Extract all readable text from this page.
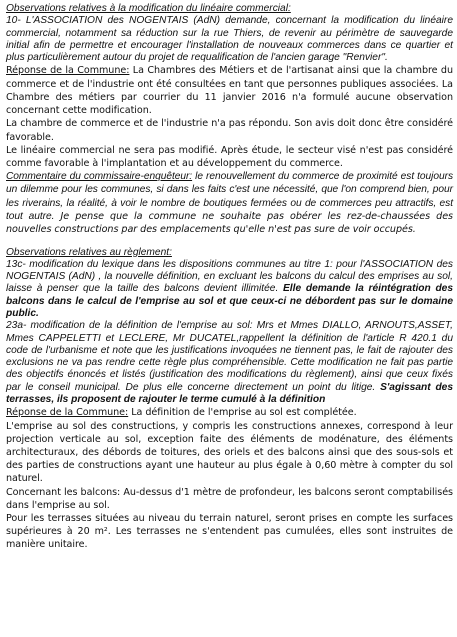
Observations relatives à la modification du linéaire commercial:

10- L'ASSOCIATION des NOGENTAIS (AdN) demande, concernant la modification du linéaire commercial, notamment sa réduction sur la rue Thiers, de revenir au périmètre de sauvegarde initial afin de permettre et encourager l'installation de nouveaux commerces dans ce quartier et plus particulièrement autour du projet de requalification de l'ancien garage "Renvier".

Réponse de la Commune: La Chambres des Métiers et de l'artisanat ainsi que la chambre du commerce et de l'industrie ont été consultées en tant que personnes publiques associées. La Chambre des métiers par courrier du 11 janvier 2016 n'a formulé aucune observation concernant cette modification.

La chambre de commerce et de l'industrie n'a pas répondu. Son avis doit donc être considéré favorable.

Le linéaire commercial ne sera pas modifié. Après étude, le secteur visé n'est pas considéré comme favorable à l'implantation et au développement du commerce.

Commentaire du commissaire-enquêteur: le renouvellement du commerce de proximité est toujours un dilemme pour les communes, si dans les faits c'est une nécessité, que l'on comprend bien, pour les riverains, la réalité, à voir le nombre de boutiques fermées ou de commerces peu attractifs, est tout autre. Je pense que la commune ne souhaite pas obérer les rez-de-chaussées des nouvelles constructions par des emplacements qu'elle n'est pas sure de voir occupés.

Observations relatives au règlement:

13c- modification du lexique dans les dispositions communes au titre 1: pour l'ASSOCIATION des NOGENTAIS (AdN) , la nouvelle définition, en excluant les balcons du calcul des emprises au sol, laisse à penser que la taille des balcons devient illimitée. Elle demande la réintégration des balcons dans le calcul de l'emprise au sol et que ceux-ci ne débordent pas sur le domaine public.

23a- modification de la définition de l'emprise au sol: Mrs et Mmes DIALLO, ARNOUTS,ASSET, Mmes CAPPELETTI et LECLERE, Mr DUCATEL,rappellent la définition de l'article R 420.1 du code de l'urbanisme et note que les justifications invoquées ne tiennent pas, le fait de rajouter des exclusions ne va pas rendre cette règle plus compréhensible. Cette modification ne fait pas partie des objectifs énoncés et listés (justification des modifications du règlement), ainsi que ceux fixés par le conseil municipal. De plus elle concerne directement un point du litige. S'agissant des terrasses, ils proposent de rajouter le terme cumulé à la définition

Réponse de la Commune: La définition de l'emprise au sol est complétée.

L'emprise au sol des constructions, y compris les constructions annexes, correspond à leur projection verticale au sol, exception faite des éléments de modénature, des éléments architecturaux, des débords de toitures, des oriels et des balcons ainsi que des sous-sols et des parties de constructions ayant une hauteur au plus égale à 0,60 mètre à compter du sol naturel.

Concernant les balcons: Au-dessus d'1 mètre de profondeur, les balcons seront comptabilisés dans l'emprise au sol.

Pour les terrasses situées au niveau du terrain naturel, seront prises en compte les surfaces supérieures à 20 m². Les terrasses ne s'entendent pas cumulées, elles sont instruites de manière unitaire.
